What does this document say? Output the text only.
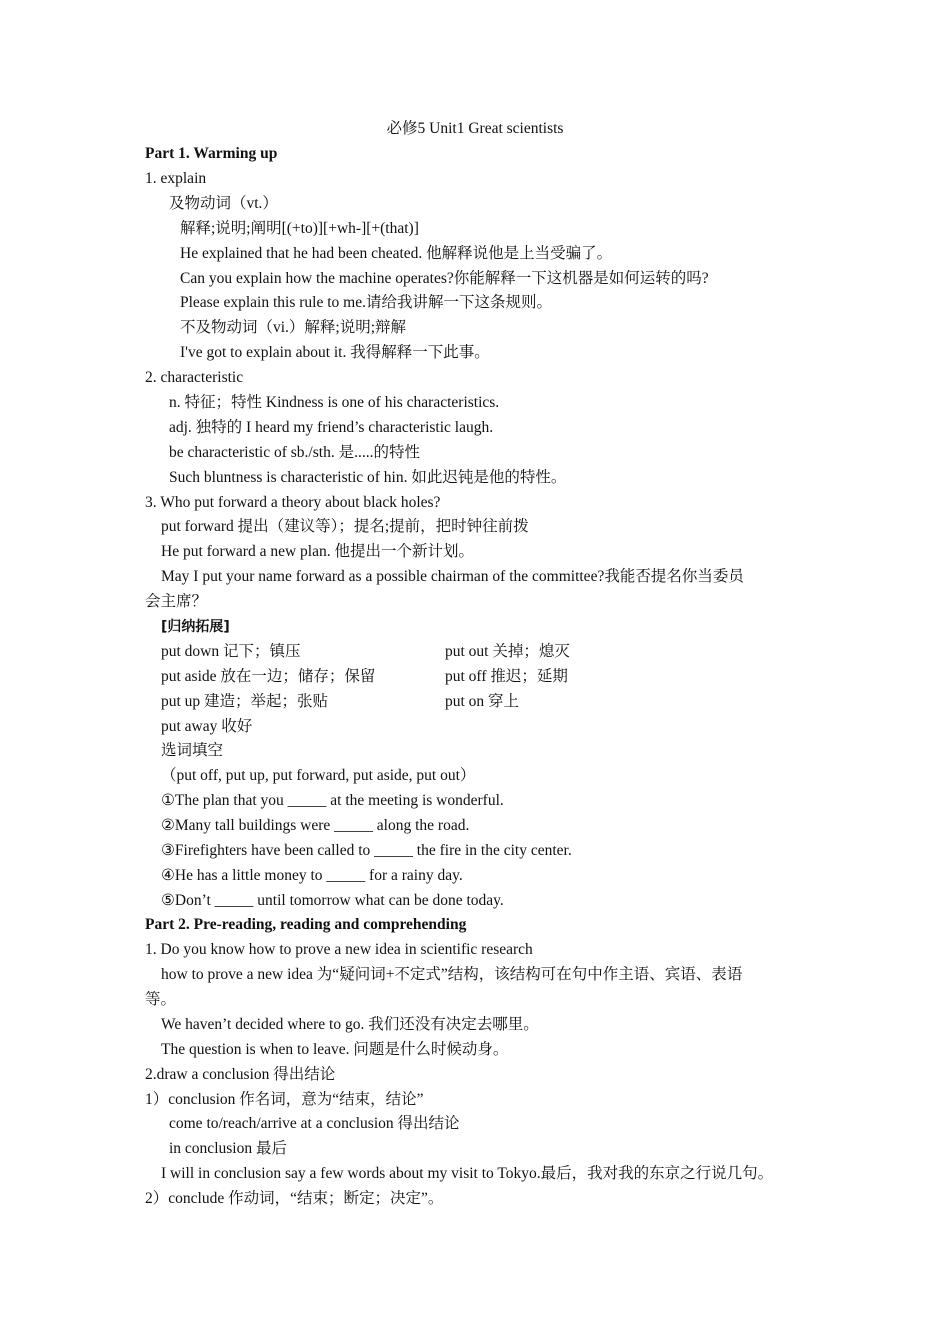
必修5 Unit1 Great scientists
Part 1. Warming up
1. explain
及物动词（vt.）
解释;说明;阐明[(+to)][+wh-][+(that)]
He explained that he had been cheated. 他解释说他是上当受骗了。
Can you explain how the machine operates?你能解释一下这机器是如何运转的吗?
Please explain this rule to me.请给我讲解一下这条规则。
不及物动词（vi.）解释;说明;辩解
I've got to explain about it. 我得解释一下此事。
2. characteristic
n. 特征；特性 Kindness is one of his characteristics.
adj. 独特的 I heard my friend’s characteristic laugh.
be characteristic of sb./sth. 是.....的特性
Such bluntness is characteristic of hin. 如此迟钝是他的特性。
3. Who put forward a theory about black holes?
put forward 提出（建议等）；提名;提前，把时钟往前拨
He put forward a new plan. 他提出一个新计划。
May I put your name forward as a possible chairman of the committee?我能否提名你当委员
会主席？
[归纳拓展]
put down 记下；镇压	put out 关掉；熄灭
put aside 放在一边；储存；保留	put off 推迟；延期
put up 建造；举起；张贴	put on 穿上
put away 收好
选词填空
（put off, put up, put forward, put aside, put out）
①The plan that you _____ at the meeting is wonderful.
②Many tall buildings were _____ along the road.
③Firefighters have been called to _____ the fire in the city center.
④He has a little money to _____ for a rainy day.
⑤Don’t _____ until tomorrow what can be done today.
Part 2. Pre-reading, reading and comprehending
1. Do you know how to prove a new idea in scientific research
how to prove a new idea 为“疑问词+不定式”结构，该结构可在句中作主语、宾语、表语
等。
We haven’t decided where to go. 我们还没有决定去哪里。
The question is when to leave. 问题是什么时候动身。
2.draw a conclusion 得出结论
1）conclusion 作名词，意为“结束，结论”
come to/reach/arrive at a conclusion 得出结论
in conclusion 最后
I will in conclusion say a few words about my visit to Tokyo.最后，我对我的东京之行说几句。
2）conclude 作动词，“结束；断定；决定”。
